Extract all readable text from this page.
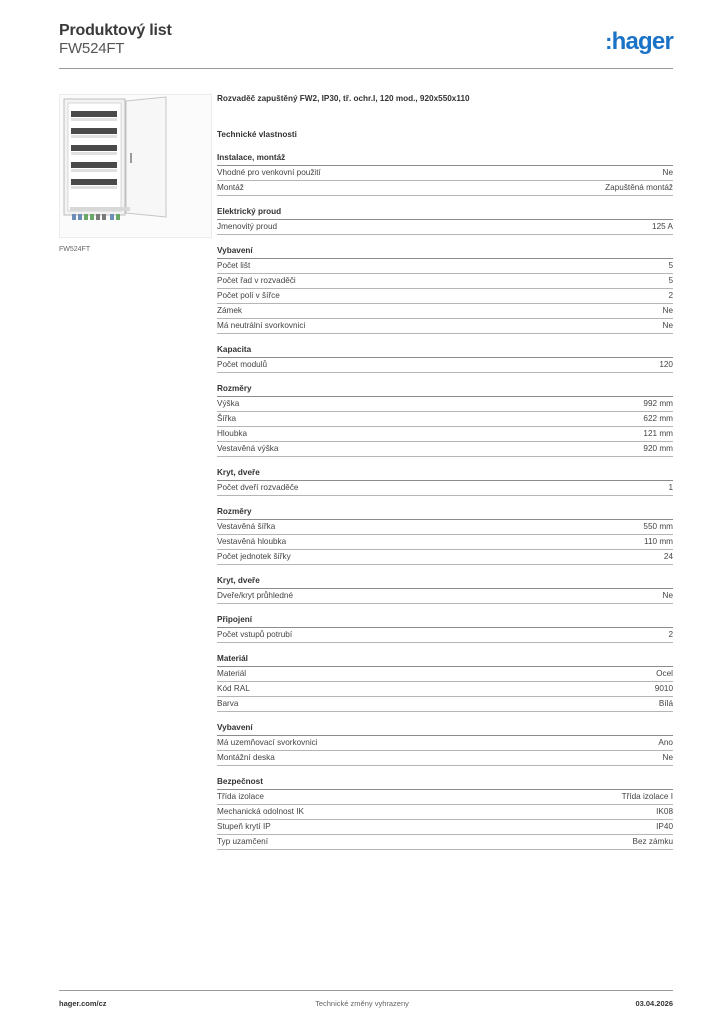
Produktový list
FW524FT	:hager
FW524FT
Rozvaděč zapuštěný FW2, IP30, tř. ochr.I, 120 mod., 920x550x110
Technické vlastnosti
Instalace, montáž
Vhodné pro venkovní použití	Ne
Montáž	Zapuštěná montáž
Elektrický proud
Jmenovitý proud	125 A
Vybavení
Počet lišt	5
Počet řad v rozvaděči	5
Počet polí v šířce	2
Zámek	Ne
Má neutrální svorkovnici	Ne
Kapacita
Počet modulů	120
Rozměry
Výška	992 mm
Šířka	622 mm
Hloubka	121 mm
Vestavěná výška	920 mm
Kryt, dveře
Počet dveří rozvaděče	1
Rozměry
Vestavěná šířka	550 mm
Vestavěná hloubka	110 mm
Počet jednotek šířky	24
Kryt, dveře
Dveře/kryt průhledné	Ne
Připojení
Počet vstupů potrubí	2
Materiál
Materiál	Ocel
Kód RAL	9010
Barva	Bílá
Vybavení
Má uzemňovací svorkovnici	Ano
Montážní deska	Ne
Bezpečnost
Třída izolace	Třída izolace I
Mechanická odolnost IK	IK08
Stupeň krytí IP	IP40
Typ uzamčení	Bez zámku
hager.com/cz	Technické změny vyhrazeny	03.04.2026
